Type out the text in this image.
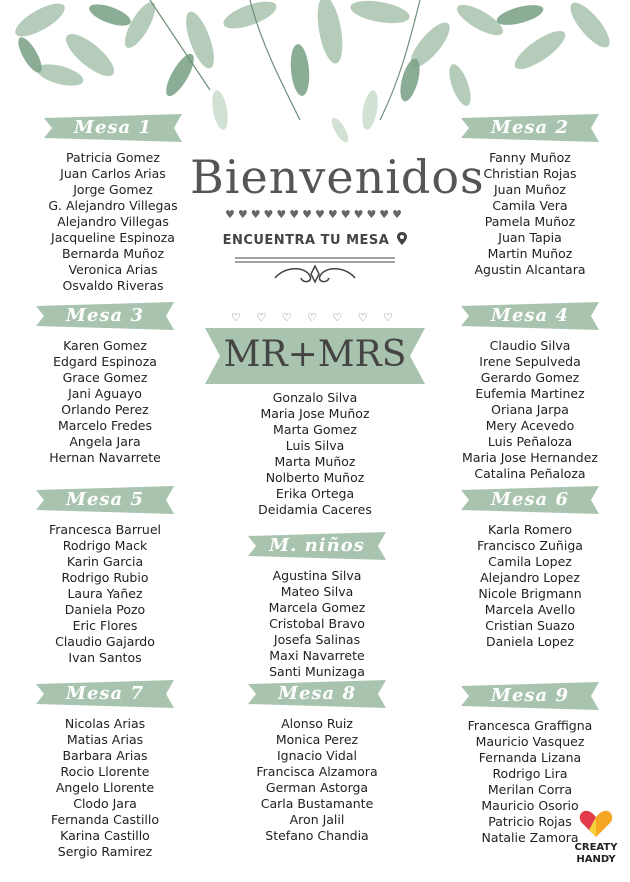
Mesa 1
Patricia Gomez
Juan Carlos Arias
Jorge Gomez
G. Alejandro Villegas
Alejandro Villegas
Jacqueline Espinoza
Bernarda Muñoz
Veronica Arias
Osvaldo Riveras
Mesa 2
Fanny Muñoz
Christian Rojas
Juan Muñoz
Camila Vera
Pamela Muñoz
Juan Tapia
Martin Muñoz
Agustin Alcantara
Bienvenidos
♥♥♥♥♥♥♥♥♥♥♥♥♥♥
ENCUENTRA TU MESA
♡ ♡ ♡ ♡ ♡ ♡ ♡
MR+MRS
Gonzalo Silva
Maria Jose Muñoz
Marta Gomez
Luis Silva
Marta Muñoz
Nolberto Muñoz
Erika Ortega
Deidamia Caceres
Mesa 3
Karen Gomez
Edgard Espinoza
Grace Gomez
Jani Aguayo
Orlando Perez
Marcelo Fredes
Angela Jara
Hernan Navarrete
Mesa 4
Claudio Silva
Irene Sepulveda
Gerardo Gomez
Eufemia Martinez
Oriana Jarpa
Mery Acevedo
Luis Peñaloza
Maria Jose Hernandez
Catalina Peñaloza
Mesa 5
Francesca Barruel
Rodrigo Mack
Karin Garcia
Rodrigo Rubio
Laura Yañez
Daniela Pozo
Eric Flores
Claudio Gajardo
Ivan Santos
M. niños
Agustina Silva
Mateo Silva
Marcela Gomez
Cristobal Bravo
Josefa Salinas
Maxi Navarrete
Santi Munizaga
Mesa 6
Karla Romero
Francisco Zuñiga
Camila Lopez
Alejandro Lopez
Nicole Brigmann
Marcela Avello
Cristian Suazo
Daniela Lopez
Mesa 7
Nicolas Arias
Matias Arias
Barbara Arias
Rocio Llorente
Angelo Llorente
Clodo Jara
Fernanda Castillo
Karina Castillo
Sergio Ramirez
Mesa 8
Alonso Ruiz
Monica Perez
Ignacio Vidal
Francisca Alzamora
German Astorga
Carla Bustamante
Aron Jalil
Stefano Chandia
Mesa 9
Francesca Graffigna
Mauricio Vasquez
Fernanda Lizana
Rodrigo Lira
Merilan Corra
Mauricio Osorio
Patricio Rojas
Natalie Zamora
CREATY
HANDY
